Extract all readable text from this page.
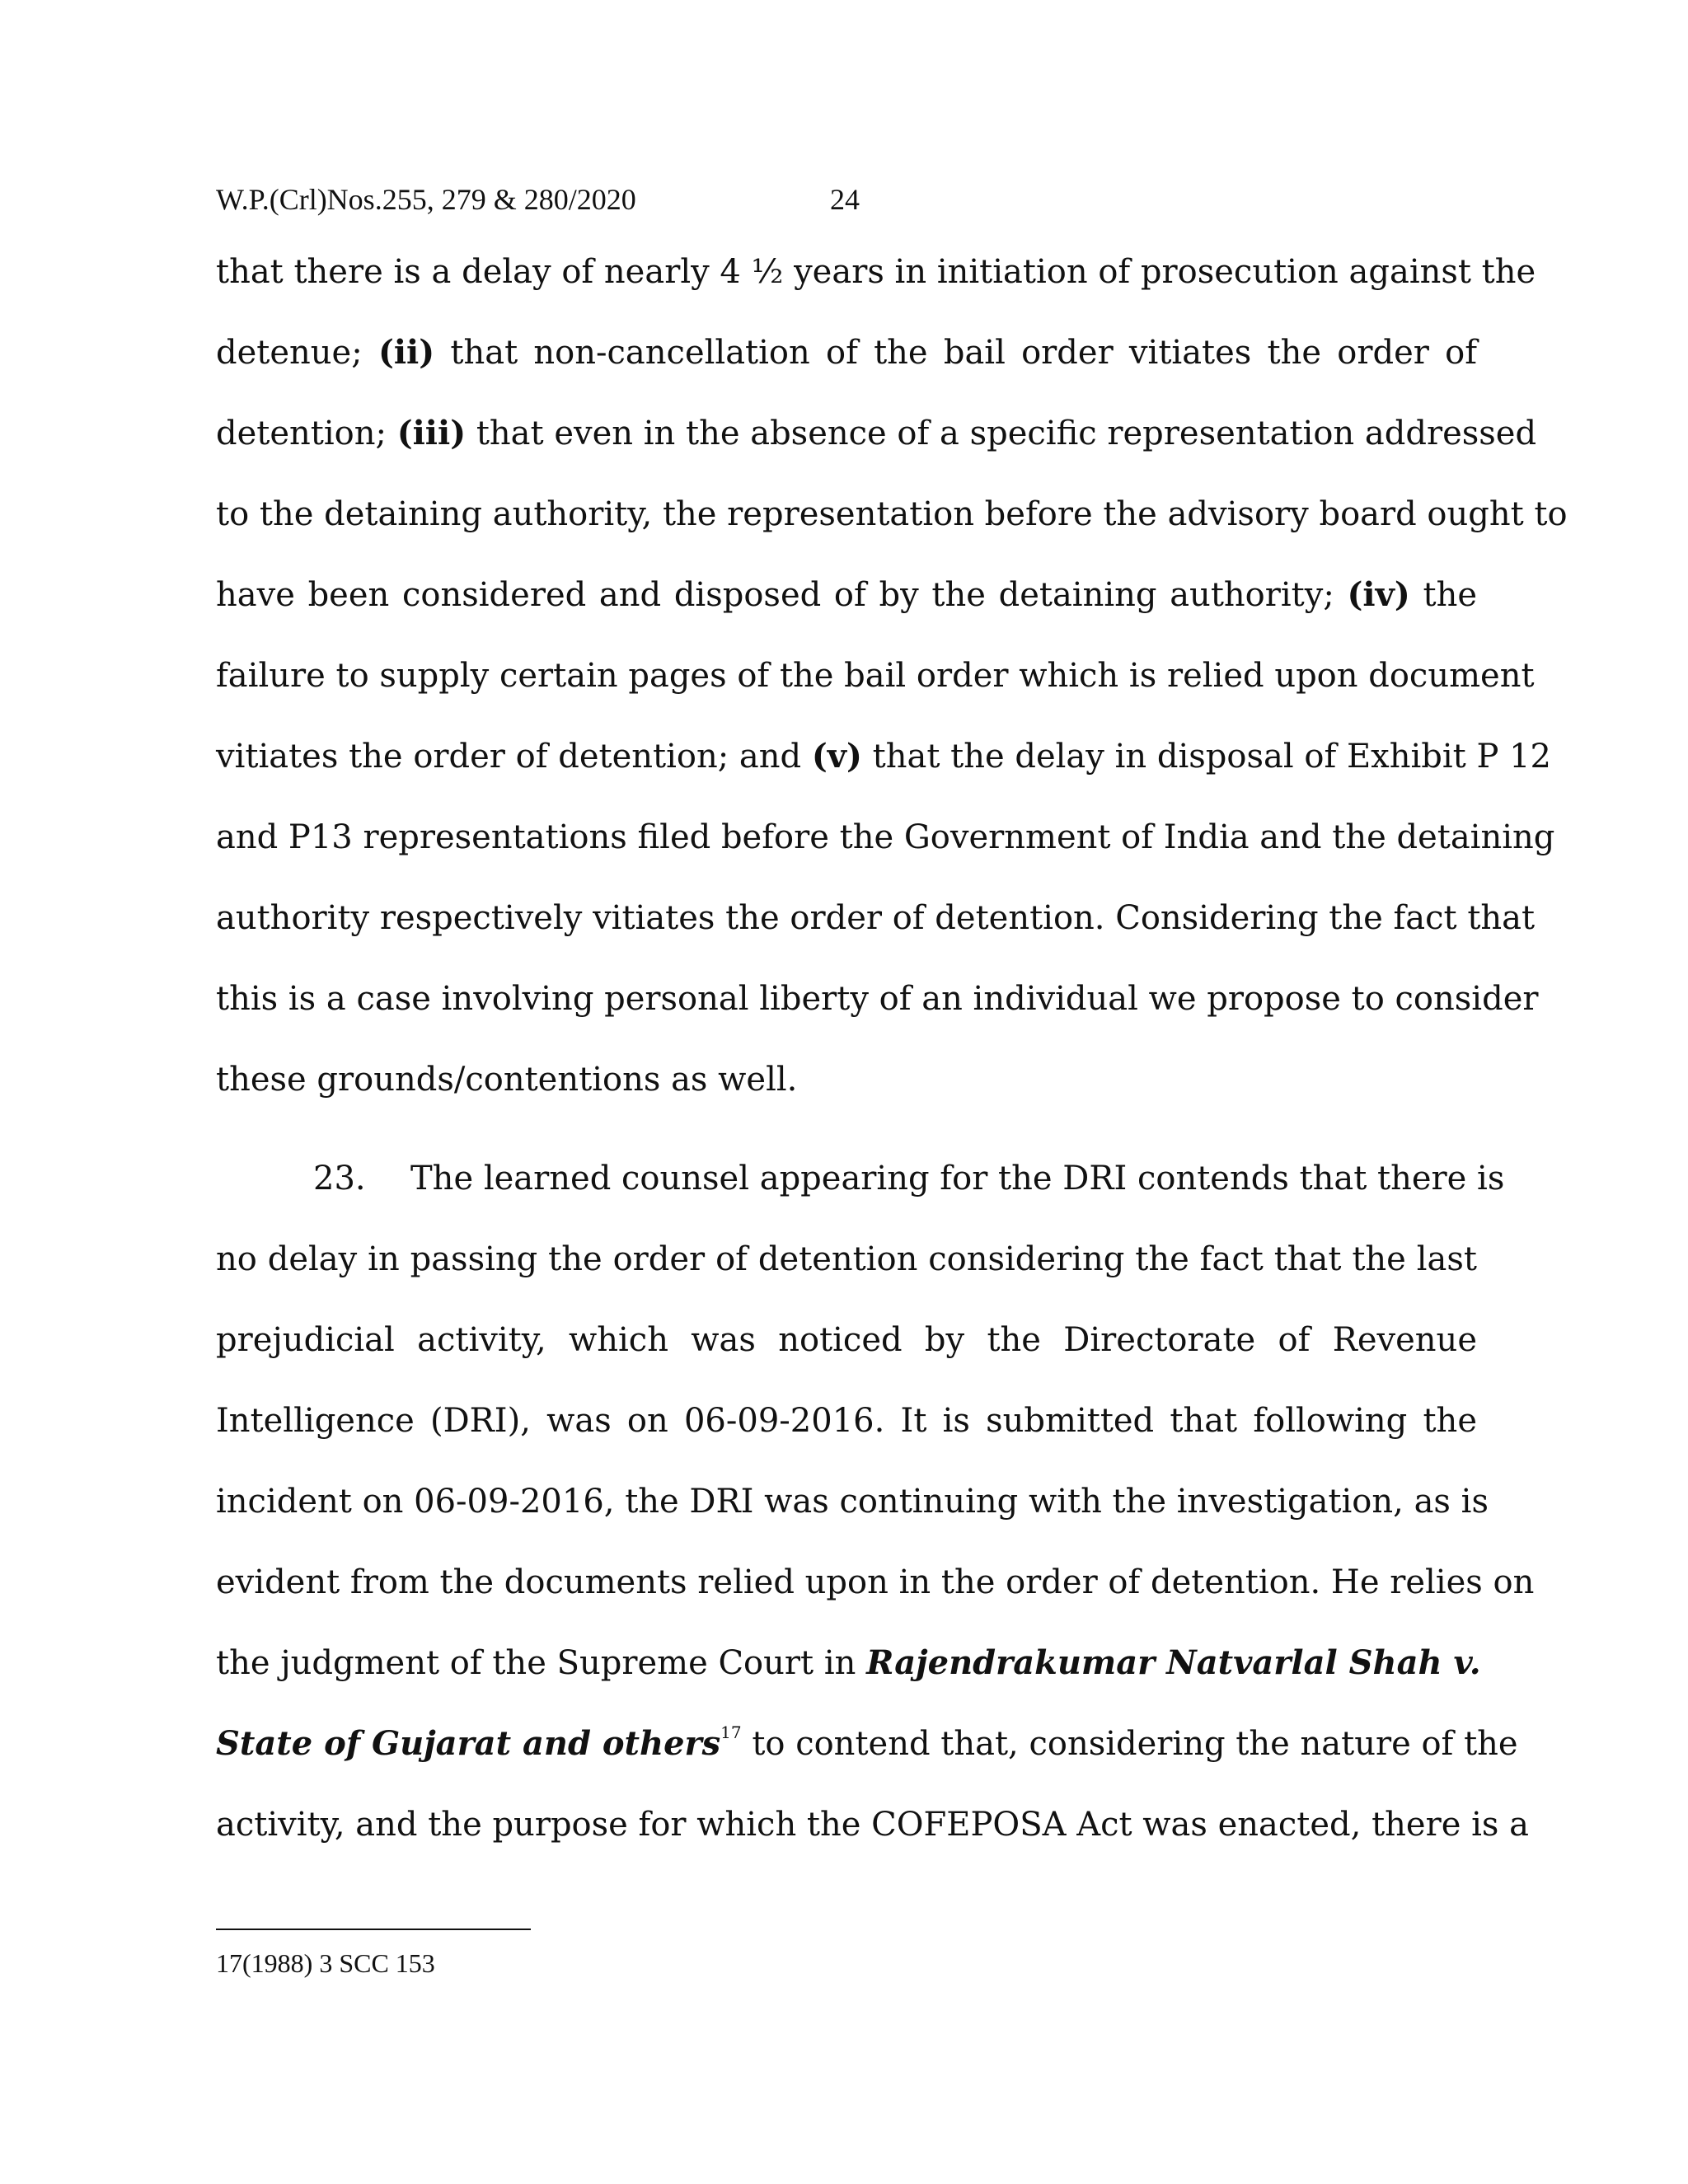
W.P.(Crl)Nos.255, 279 & 280/2020	24
that there is a delay of nearly 4 ½ years in initiation of prosecution against the
detenue; (ii) that non-cancellation of the bail order vitiates the order of
detention; (iii) that even in the absence of a specific representation addressed
to the detaining authority, the representation before the advisory board ought to
have been considered and disposed of by the detaining authority; (iv) the
failure to supply certain pages of the bail order which is relied upon document
vitiates the order of detention; and (v) that the delay in disposal of Exhibit P 12
and P13 representations filed before the Government of India and the detaining
authority respectively vitiates the order of detention. Considering the fact that
this is a case involving personal liberty of an individual we propose to consider
these grounds/contentions as well.
23. The learned counsel appearing for the DRI contends that there is
no delay in passing the order of detention considering the fact that the last
prejudicial activity, which was noticed by the Directorate of Revenue
Intelligence (DRI), was on 06-09-2016. It is submitted that following the
incident on 06-09-2016, the DRI was continuing with the investigation, as is
evident from the documents relied upon in the order of detention. He relies on
the judgment of the Supreme Court in Rajendrakumar Natvarlal Shah v.
State of Gujarat and others$^{17}$ to contend that, considering the nature of the
activity, and the purpose for which the COFEPOSA Act was enacted, there is a
17(1988) 3 SCC 153
